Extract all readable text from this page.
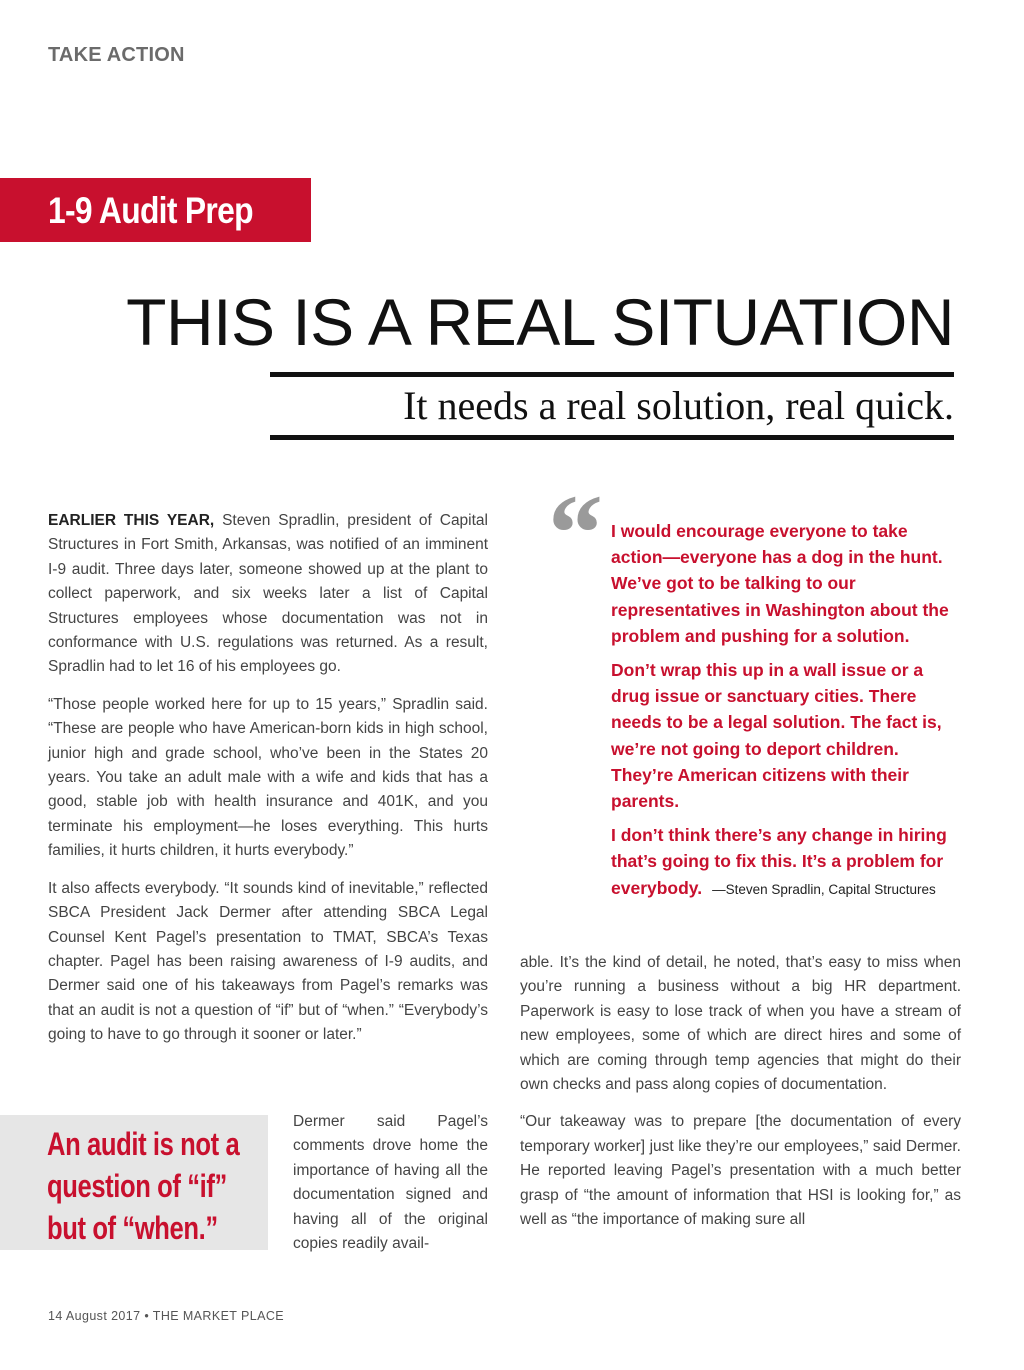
TAKE ACTION
1-9 Audit Prep
THIS IS A REAL SITUATION
It needs a real solution, real quick.

EARLIER THIS YEAR, Steven Spradlin, president of Capital Structures in Fort Smith, Arkansas, was notified of an imminent I-9 audit. Three days later, someone showed up at the plant to collect paperwork, and six weeks later a list of Capital Structures employees whose documentation was not in conformance with U.S. regulations was returned. As a result, Spradlin had to let 16 of his employees go.

“Those people worked here for up to 15 years,” Spradlin said. “These are people who have American-born kids in high school, junior high and grade school, who’ve been in the States 20 years. You take an adult male with a wife and kids that has a good, stable job with health insurance and 401K, and you terminate his employment—he loses everything. This hurts families, it hurts children, it hurts everybody.”

It also affects everybody. “It sounds kind of inevitable,” reflected SBCA President Jack Dermer after attending SBCA Legal Counsel Kent Pagel’s presentation to TMAT, SBCA’s Texas chapter. Pagel has been raising awareness of I-9 audits, and Dermer said one of his takeaways from Pagel’s remarks was that an audit is not a question of “if” but of “when.” “Everybody’s going to have to go through it sooner or later.”

“ I would encourage everyone to take action—everyone has a dog in the hunt. We’ve got to be talking to our representatives in Washington about the problem and pushing for a solution.

Don’t wrap this up in a wall issue or a drug issue or sanctuary cities. There needs to be a legal solution. The fact is, we’re not going to deport children. They’re American citizens with their parents.

I don’t think there’s any change in hiring that’s going to fix this. It’s a problem for everybody. —Steven Spradlin, Capital Structures

An audit is not a question of “if” but of “when.”

Dermer said Pagel’s comments drove home the importance of having all the documentation signed and having all of the original copies readily avail-

able. It’s the kind of detail, he noted, that’s easy to miss when you’re running a business without a big HR department. Paperwork is easy to lose track of when you have a stream of new employees, some of which are direct hires and some of which are coming through temp agencies that might do their own checks and pass along copies of documentation.

“Our takeaway was to prepare [the documentation of every temporary worker] just like they’re our employees,” said Dermer. He reported leaving Pagel’s presentation with a much better grasp of “the amount of information that HSI is looking for,” as well as “the importance of making sure all

14 August 2017 • THE MARKET PLACE
